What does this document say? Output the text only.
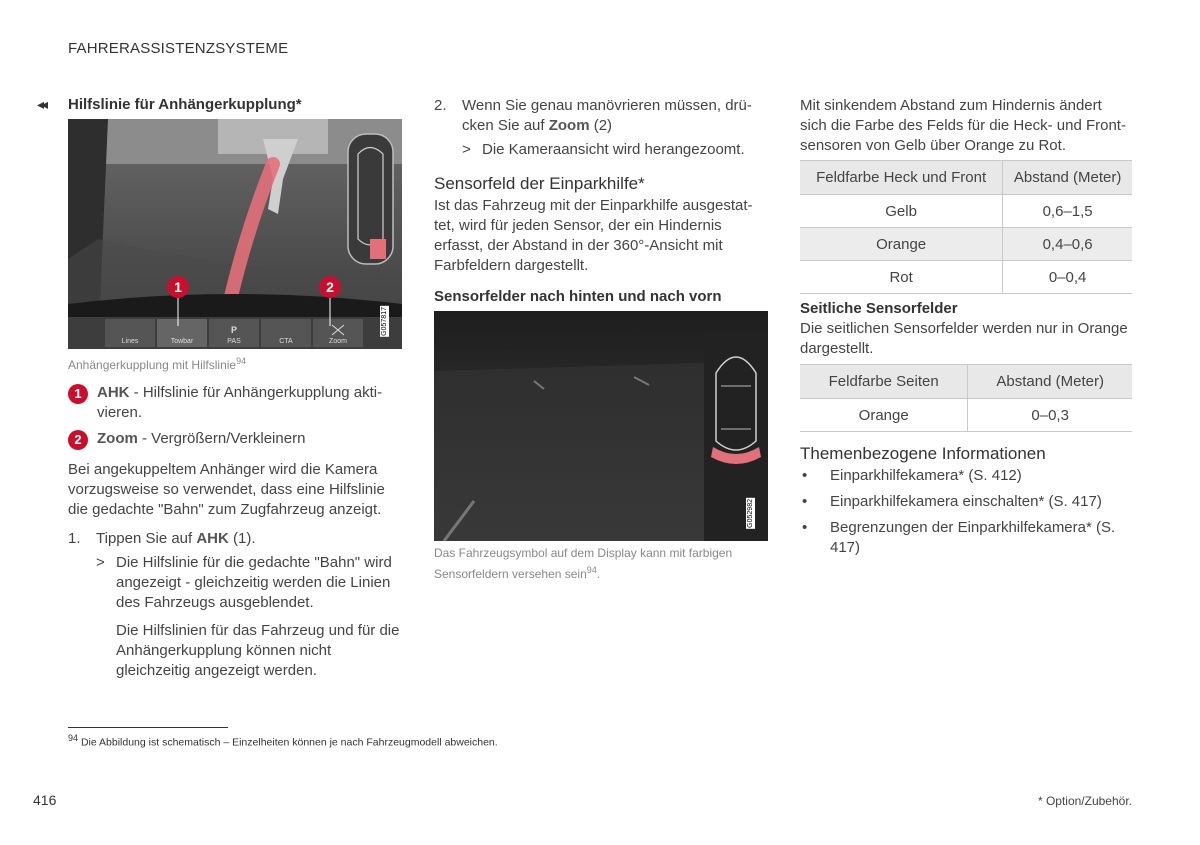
FAHRERASSISTENZSYSTEME
◂◂ Hilfslinie für Anhängerkupplung*
1	2
Lines	Towbar	PAS	CTA	Zoom
P	G057817
Anhängerkupplung mit Hilfslinie$^{94}$
1	AHK - Hilfslinie für Anhängerkupplung akti-vieren.
2	Zoom - Vergrößern/Verkleinern

Bei angekuppeltem Anhänger wird die Kamera vorzugsweise so verwendet, dass eine Hilfslinie die gedachte "Bahn" zum Zugfahrzeug anzeigt.

1.	Tippen Sie auf AHK (1).
> Die Hilfslinie für die gedachte "Bahn" wird angezeigt - gleichzeitig werden die Linien des Fahrzeugs ausgeblendet.

Die Hilfslinien für das Fahrzeug und für die Anhängerkupplung können nicht gleichzeitig angezeigt werden.

2.	Wenn Sie genau manövrieren müssen, drü-cken Sie auf Zoom (2)
> Die Kameraansicht wird herangezoomt.
Sensorfeld der Einparkhilfe*

Ist das Fahrzeug mit der Einparkhilfe ausgestat-tet, wird für jeden Sensor, der ein Hindernis erfasst, der Abstand in der 360°-Ansicht mit Farbfeldern dargestellt.

Sensorfelder nach hinten und nach vorn
G052982
Das Fahrzeugsymbol auf dem Display kann mit farbigen Sensorfeldern versehen sein$^{94}$.

Mit sinkendem Abstand zum Hindernis ändert sich die Farbe des Felds für die Heck- und Front-sensoren von Gelb über Orange zu Rot.

Feldfarbe Heck und Front	Abstand (Meter)
Gelb	0,6–1,5
Orange	0,4–0,6
Rot	0–0,4
Seitliche Sensorfelder

Die seitlichen Sensorfelder werden nur in Orange dargestellt.

Feldfarbe Seiten	Abstand (Meter)
Orange	0–0,3
Themenbezogene Informationen
•	Einparkhilfekamera* (S. 412)
•	Einparkhilfekamera einschalten* (S. 417)
•	Begrenzungen der Einparkhilfekamera* (S. 417)
$^{94}$ Die Abbildung ist schematisch – Einzelheiten können je nach Fahrzeugmodell abweichen.
416	* Option/Zubehör.
